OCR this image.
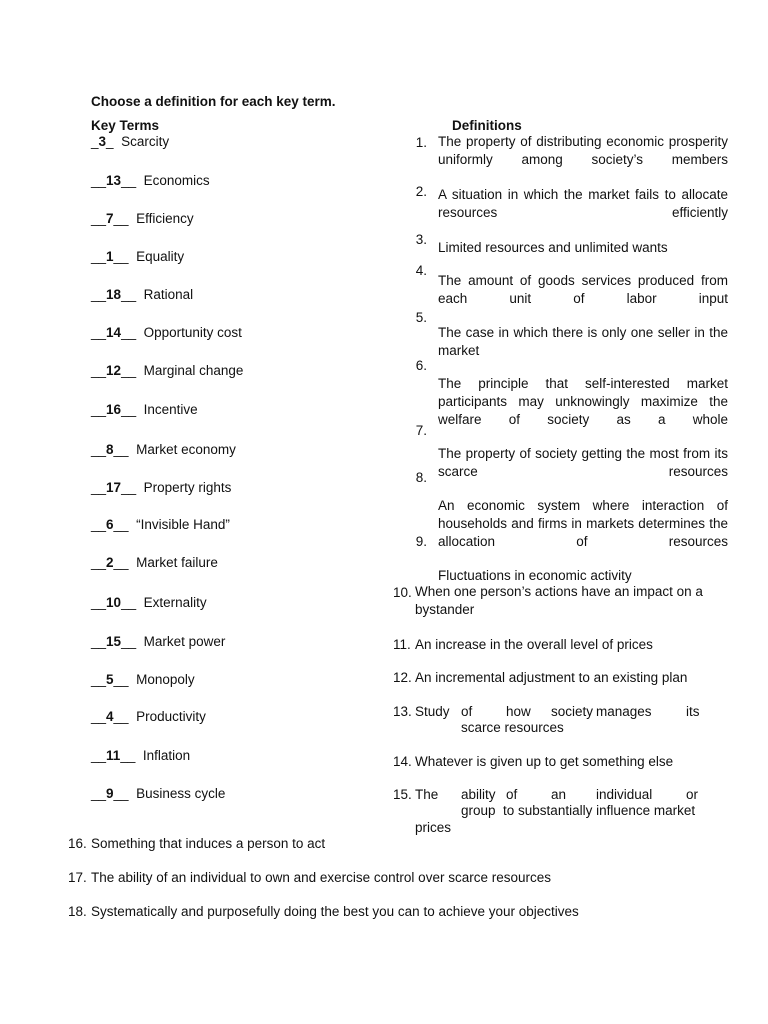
Choose a definition for each key term.
Key Terms	Definitions
_3_  Scarcity
__13__  Economics
__7__  Efficiency
__1__  Equality
__18__  Rational
__14__  Opportunity cost
__12__  Marginal change
__16__  Incentive
__8__  Market economy
__17__  Property rights
__6__  “Invisible Hand”
__2__  Market failure
__10__  Externality
__15__  Market power
__5__  Monopoly
__4__  Productivity
__11__  Inflation
__9__  Business cycle
1. The property of distributing economic prosperity uniformly among society’s members
2. A situation in which the market fails to allocate resources efficiently
3.
Limited resources and unlimited wants
4.
The amount of goods services produced from each unit of labor input
5.
The case in which there is only one seller in the market
6.
The principle that self-interested market participants may unknowingly maximize the welfare of society as a whole
7.
The property of society getting the most from its scarce resources
8.
An economic system where interaction of households and firms in markets determines the allocation of resources
9.
Fluctuations in economic activity
10. When one person’s actions have an impact on a bystander
11. An increase in the overall level of prices
12. An incremental adjustment to an existing plan
13. Study of how society manages	its
scarce resources
14. Whatever is given up to get something else
15. The ability of an individual or
group  to substantially influence market
prices
16. Something that induces a person to act
17. The ability of an individual to own and exercise control over scarce resources
18. Systematically and purposefully doing the best you can to achieve your objectives
